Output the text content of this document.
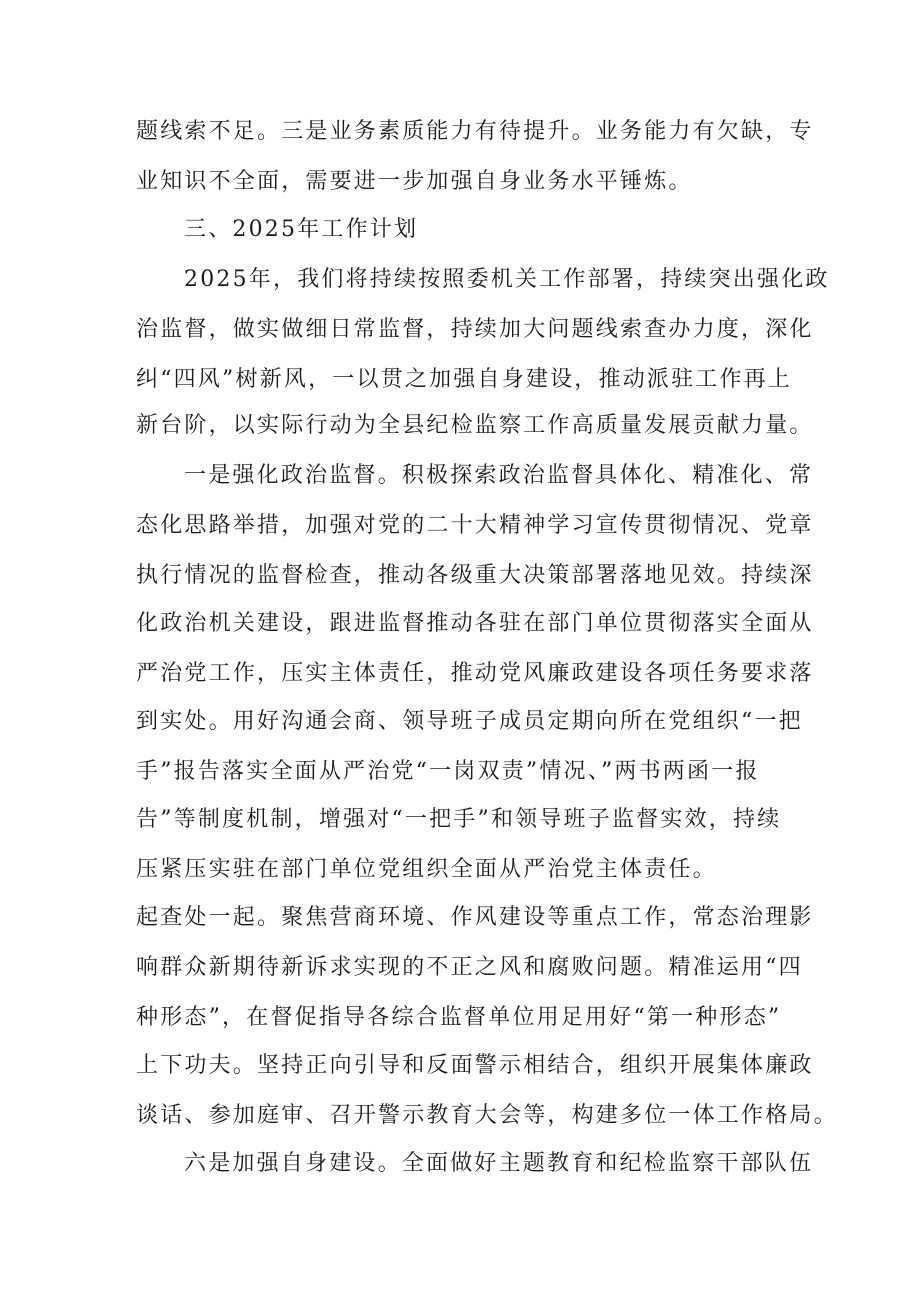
题线索不足。三是业务素质能力有待提升。业务能力有欠缺，专
业知识不全面，需要进一步加强自身业务水平锤炼。
三、2025年工作计划
2025年，我们将持续按照委机关工作部署，持续突出强化政
治监督，做实做细日常监督，持续加大问题线索查办力度，深化
纠“四风”树新风，一以贯之加强自身建设，推动派驻工作再上
新台阶，以实际行动为全县纪检监察工作高质量发展贡献力量。
一是强化政治监督。积极探索政治监督具体化、精准化、常
态化思路举措，加强对党的二十大精神学习宣传贯彻情况、党章
执行情况的监督检查，推动各级重大决策部署落地见效。持续深
化政治机关建设，跟进监督推动各驻在部门单位贯彻落实全面从
严治党工作，压实主体责任，推动党风廉政建设各项任务要求落
到实处。用好沟通会商、领导班子成员定期向所在党组织“一把
手”报告落实全面从严治党“一岗双责”情况、”两书两函一报
告”等制度机制，增强对“一把手”和领导班子监督实效，持续
压紧压实驻在部门单位党组织全面从严治党主体责任。
起查处一起。聚焦营商环境、作风建设等重点工作，常态治理影
响群众新期待新诉求实现的不正之风和腐败问题。精准运用“四
种形态”，在督促指导各综合监督单位用足用好“第一种形态”
上下功夫。坚持正向引导和反面警示相结合，组织开展集体廉政
谈话、参加庭审、召开警示教育大会等，构建多位一体工作格局。
六是加强自身建设。全面做好主题教育和纪检监察干部队伍
